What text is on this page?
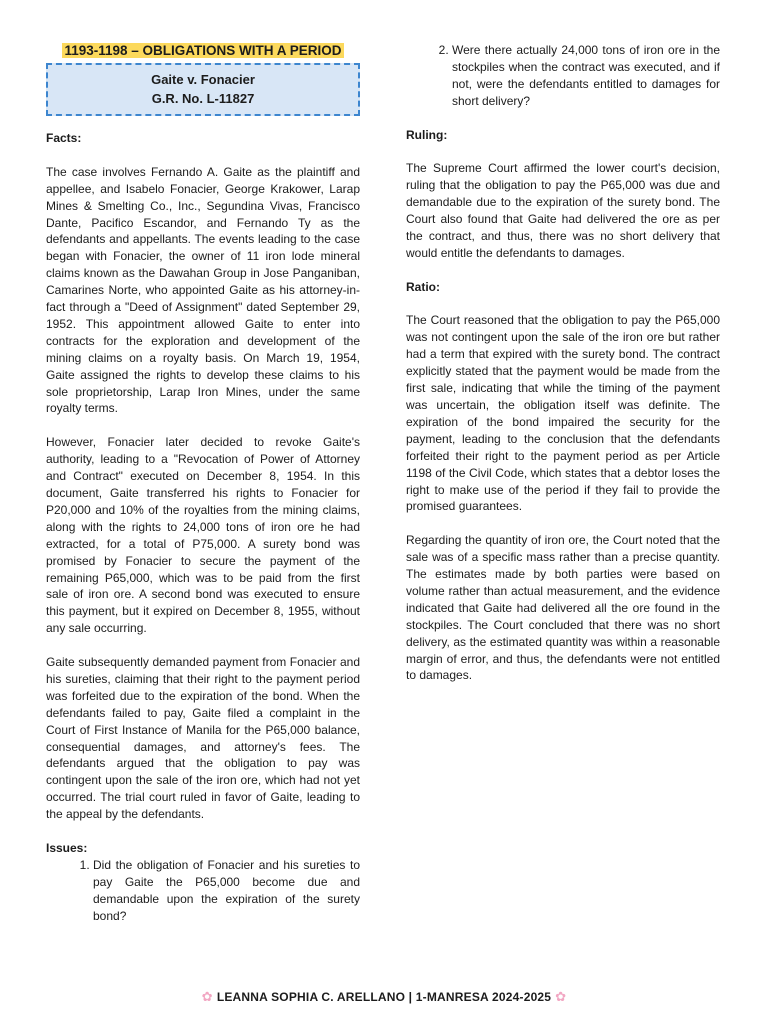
1193-1198 – OBLIGATIONS WITH A PERIOD
Gaite v. Fonacier
G.R. No. L-11827
Facts:

The case involves Fernando A. Gaite as the plaintiff and appellee, and Isabelo Fonacier, George Krakower, Larap Mines & Smelting Co., Inc., Segundina Vivas, Francisco Dante, Pacifico Escandor, and Fernando Ty as the defendants and appellants. The events leading to the case began with Fonacier, the owner of 11 iron lode mineral claims known as the Dawahan Group in Jose Panganiban, Camarines Norte, who appointed Gaite as his attorney-in-fact through a "Deed of Assignment" dated September 29, 1952. This appointment allowed Gaite to enter into contracts for the exploration and development of the mining claims on a royalty basis. On March 19, 1954, Gaite assigned the rights to develop these claims to his sole proprietorship, Larap Iron Mines, under the same royalty terms.

However, Fonacier later decided to revoke Gaite's authority, leading to a "Revocation of Power of Attorney and Contract" executed on December 8, 1954. In this document, Gaite transferred his rights to Fonacier for P20,000 and 10% of the royalties from the mining claims, along with the rights to 24,000 tons of iron ore he had extracted, for a total of P75,000. A surety bond was promised by Fonacier to secure the payment of the remaining P65,000, which was to be paid from the first sale of iron ore. A second bond was executed to ensure this payment, but it expired on December 8, 1955, without any sale occurring.

Gaite subsequently demanded payment from Fonacier and his sureties, claiming that their right to the payment period was forfeited due to the expiration of the bond. When the defendants failed to pay, Gaite filed a complaint in the Court of First Instance of Manila for the P65,000 balance, consequential damages, and attorney's fees. The defendants argued that the obligation to pay was contingent upon the sale of the iron ore, which had not yet occurred. The trial court ruled in favor of Gaite, leading to the appeal by the defendants.

Issues:
1. Did the obligation of Fonacier and his sureties to pay Gaite the P65,000 become due and demandable upon the expiration of the surety bond?
2. Were there actually 24,000 tons of iron ore in the stockpiles when the contract was executed, and if not, were the defendants entitled to damages for short delivery?
Ruling:

The Supreme Court affirmed the lower court's decision, ruling that the obligation to pay the P65,000 was due and demandable due to the expiration of the surety bond. The Court also found that Gaite had delivered the ore as per the contract, and thus, there was no short delivery that would entitle the defendants to damages.

Ratio:

The Court reasoned that the obligation to pay the P65,000 was not contingent upon the sale of the iron ore but rather had a term that expired with the surety bond. The contract explicitly stated that the payment would be made from the first sale, indicating that while the timing of the payment was uncertain, the obligation itself was definite. The expiration of the bond impaired the security for the payment, leading to the conclusion that the defendants forfeited their right to the payment period as per Article 1198 of the Civil Code, which states that a debtor loses the right to make use of the period if they fail to provide the promised guarantees.

Regarding the quantity of iron ore, the Court noted that the sale was of a specific mass rather than a precise quantity. The estimates made by both parties were based on volume rather than actual measurement, and the evidence indicated that Gaite had delivered all the ore found in the stockpiles. The Court concluded that there was no short delivery, as the estimated quantity was within a reasonable margin of error, and thus, the defendants were not entitled to damages.

✿ LEANNA SOPHIA C. ARELLANO | 1-MANRESA 2024-2025 ✿
